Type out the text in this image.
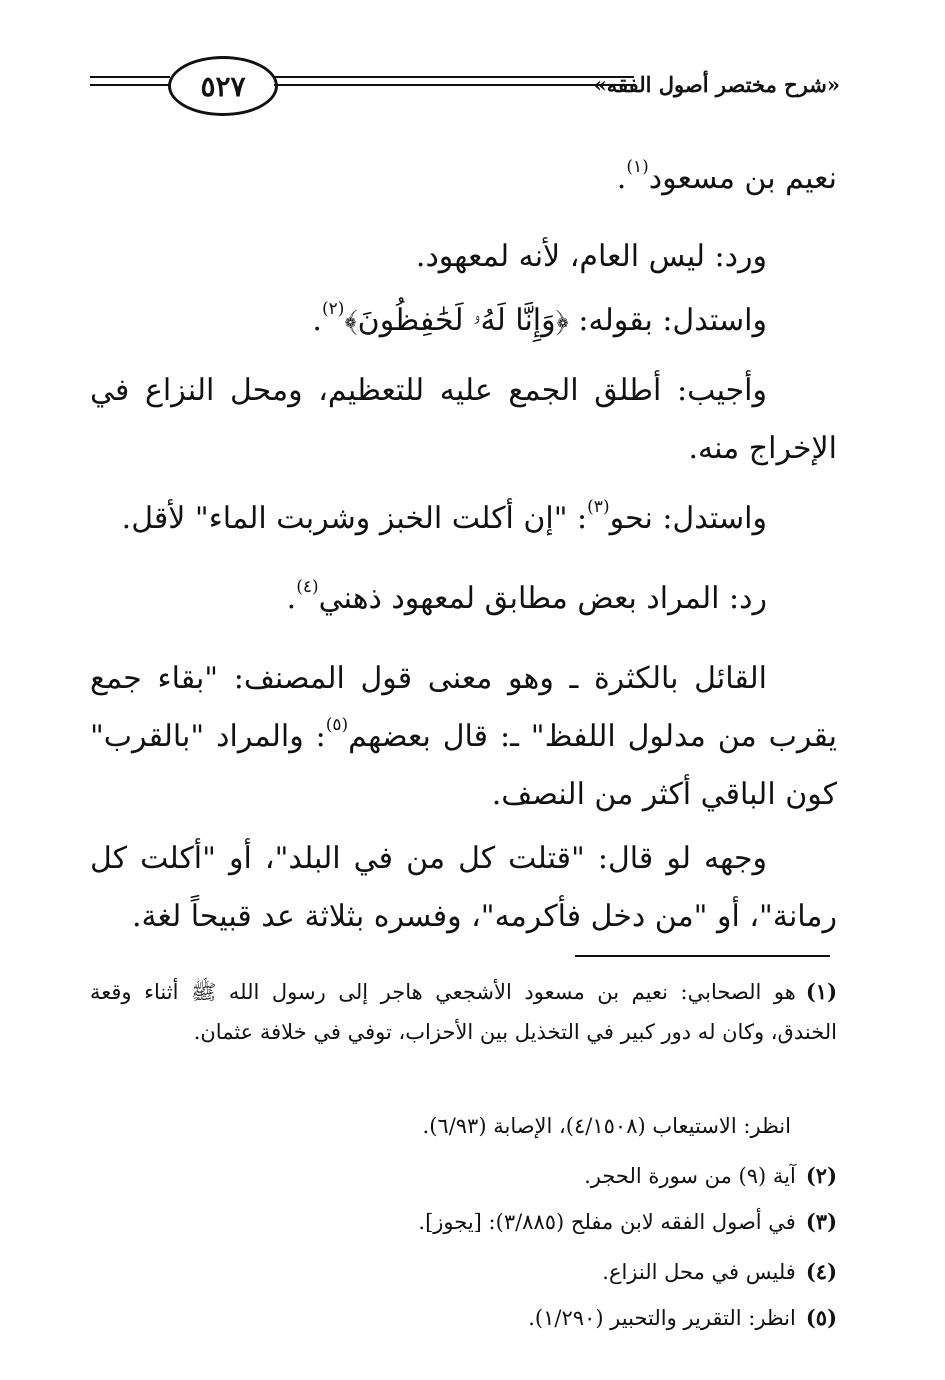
٥٢٧	«شرح مختصر أصول الفقه»
نعيم بن مسعود$^{(١)}$.
ورد: ليس العام، لأنه لمعهود.
واستدل: بقوله: ﴿وَإِنَّا لَهُۥ لَحَٰفِظُونَ﴾$^{(٢)}$.
وأجيب: أطلق الجمع عليه للتعظيم، ومحل النزاع في الإخراج منه.
واستدل: نحو$^{(٣)}$: "إن أكلت الخبز وشربت الماء" لأقل.
رد: المراد بعض مطابق لمعهود ذهني$^{(٤)}$.
القائل بالكثرة ـ وهو معنى قول المصنف: "بقاء جمع يقرب من مدلول اللفظ" ـ: قال بعضهم$^{(٥)}$: والمراد "بالقرب" كون الباقي أكثر من النصف.
وجهه لو قال: "قتلت كل من في البلد"، أو "أكلت كل رمانة"، أو "من دخل فأكرمه"، وفسره بثلاثة عد قبيحاً لغة.
(١)هو الصحابي: نعيم بن مسعود الأشجعي هاجر إلى رسول الله ﷺ أثناء وقعة الخندق، وكان له دور كبير في التخذيل بين الأحزاب، توفي في خلافة عثمان.
انظر: الاستيعاب (٤/١٥٠٨)، الإصابة (٦/٩٣).
(٢)آية (٩) من سورة الحجر.
(٣)في أصول الفقه لابن مفلح (٣/٨٨٥): [يجوز].
(٤)فليس في محل النزاع.
(٥)انظر: التقرير والتحبير (١/٢٩٠).
